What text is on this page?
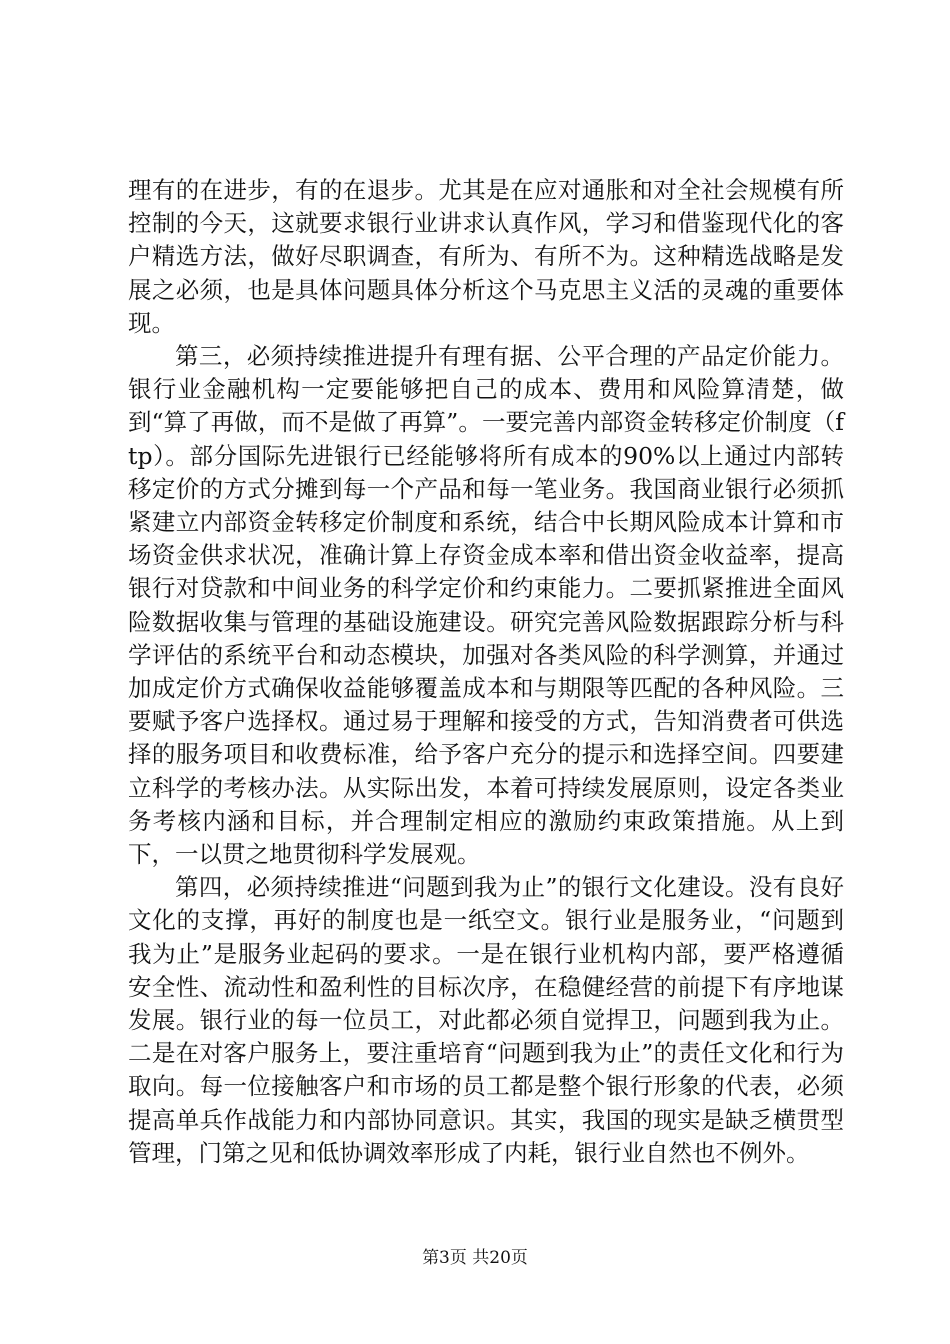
理有的在进步，有的在退步。尤其是在应对通胀和对全社会规模有所控制的今天，这就要求银行业讲求认真作风，学习和借鉴现代化的客户精选方法，做好尽职调查，有所为、有所不为。这种精选战略是发展之必须，也是具体问题具体分析这个马克思主义活的灵魂的重要体现。

第三，必须持续推进提升有理有据、公平合理的产品定价能力。银行业金融机构一定要能够把自己的成本、费用和风险算清楚，做到“算了再做，而不是做了再算”。一要完善内部资金转移定价制度（ftp）。部分国际先进银行已经能够将所有成本的90%以上通过内部转移定价的方式分摊到每一个产品和每一笔业务。我国商业银行必须抓紧建立内部资金转移定价制度和系统，结合中长期风险成本计算和市场资金供求状况，准确计算上存资金成本率和借出资金收益率，提高银行对贷款和中间业务的科学定价和约束能力。二要抓紧推进全面风险数据收集与管理的基础设施建设。研究完善风险数据跟踪分析与科学评估的系统平台和动态模块，加强对各类风险的科学测算，并通过加成定价方式确保收益能够覆盖成本和与期限等匹配的各种风险。三要赋予客户选择权。通过易于理解和接受的方式，告知消费者可供选择的服务项目和收费标准，给予客户充分的提示和选择空间。四要建立科学的考核办法。从实际出发，本着可持续发展原则，设定各类业务考核内涵和目标，并合理制定相应的激励约束政策措施。从上到下，一以贯之地贯彻科学发展观。

第四，必须持续推进“问题到我为止”的银行文化建设。没有良好文化的支撑，再好的制度也是一纸空文。银行业是服务业，“问题到我为止”是服务业起码的要求。一是在银行业机构内部，要严格遵循安全性、流动性和盈利性的目标次序，在稳健经营的前提下有序地谋发展。银行业的每一位员工，对此都必须自觉捍卫，问题到我为止。二是在对客户服务上，要注重培育“问题到我为止”的责任文化和行为取向。每一位接触客户和市场的员工都是整个银行形象的代表，必须提高单兵作战能力和内部协同意识。其实，我国的现实是缺乏横贯型管理，门第之见和低协调效率形成了内耗，银行业自然也不例外。

第3页 共20页
